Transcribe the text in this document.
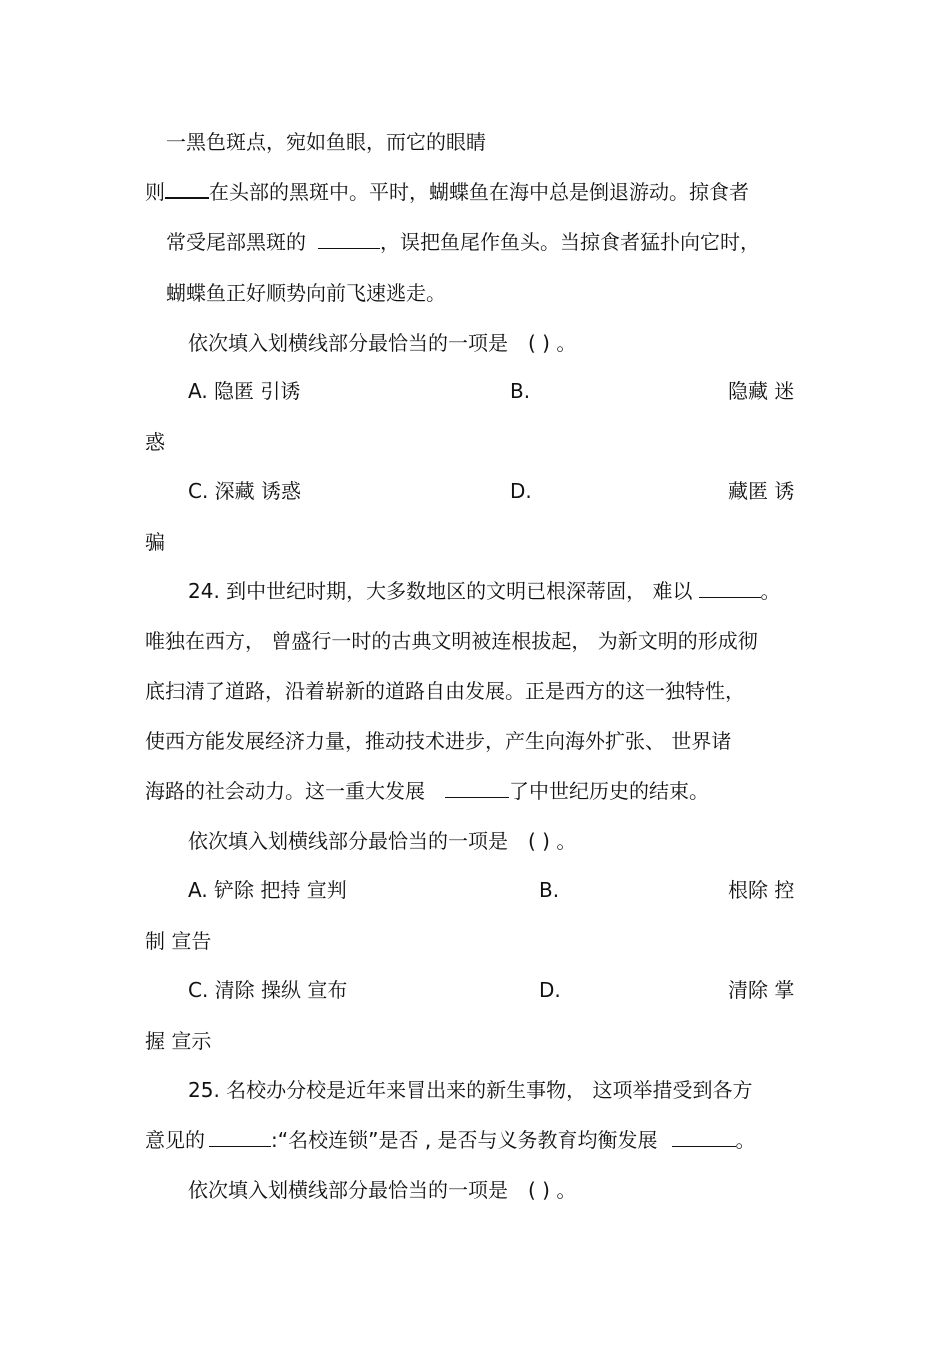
一黑色斑点，宛如鱼眼，而它的眼睛
则 在头部的黑斑中。平时，蝴蝶鱼在海中总是倒退游动。掠食者
常受尾部黑斑的	，误把鱼尾作鱼头。当掠食者猛扑向它时，
蝴蝶鱼正好顺势向前飞速逃走。
依次填入划横线部分最恰当的一项是　( ) 。
A. 隐匿 引诱	B.	隐藏 迷
惑
C. 深藏 诱惑	D.	藏匿 诱
骗
24. 到中世纪时期，大多数地区的文明已根深蒂固， 难以	。
唯独在西方， 曾盛行一时的古典文明被连根拔起， 为新文明的形成彻
底扫清了道路，沿着崭新的道路自由发展。正是西方的这一独特性，
使西方能发展经济力量，推动技术进步，产生向海外扩张、 世界诸
海路的社会动力。这一重大发展	了中世纪历史的结束。
依次填入划横线部分最恰当的一项是　( ) 。
A. 铲除 把持 宣判	B.	根除 控
制 宣告
C. 清除 操纵 宣布	D.	清除 掌
握 宣示
25. 名校办分校是近年来冒出来的新生事物， 这项举措受到各方
意见的	:“名校连锁”是否 , 是否与义务教育均衡发展	。
依次填入划横线部分最恰当的一项是　( ) 。
